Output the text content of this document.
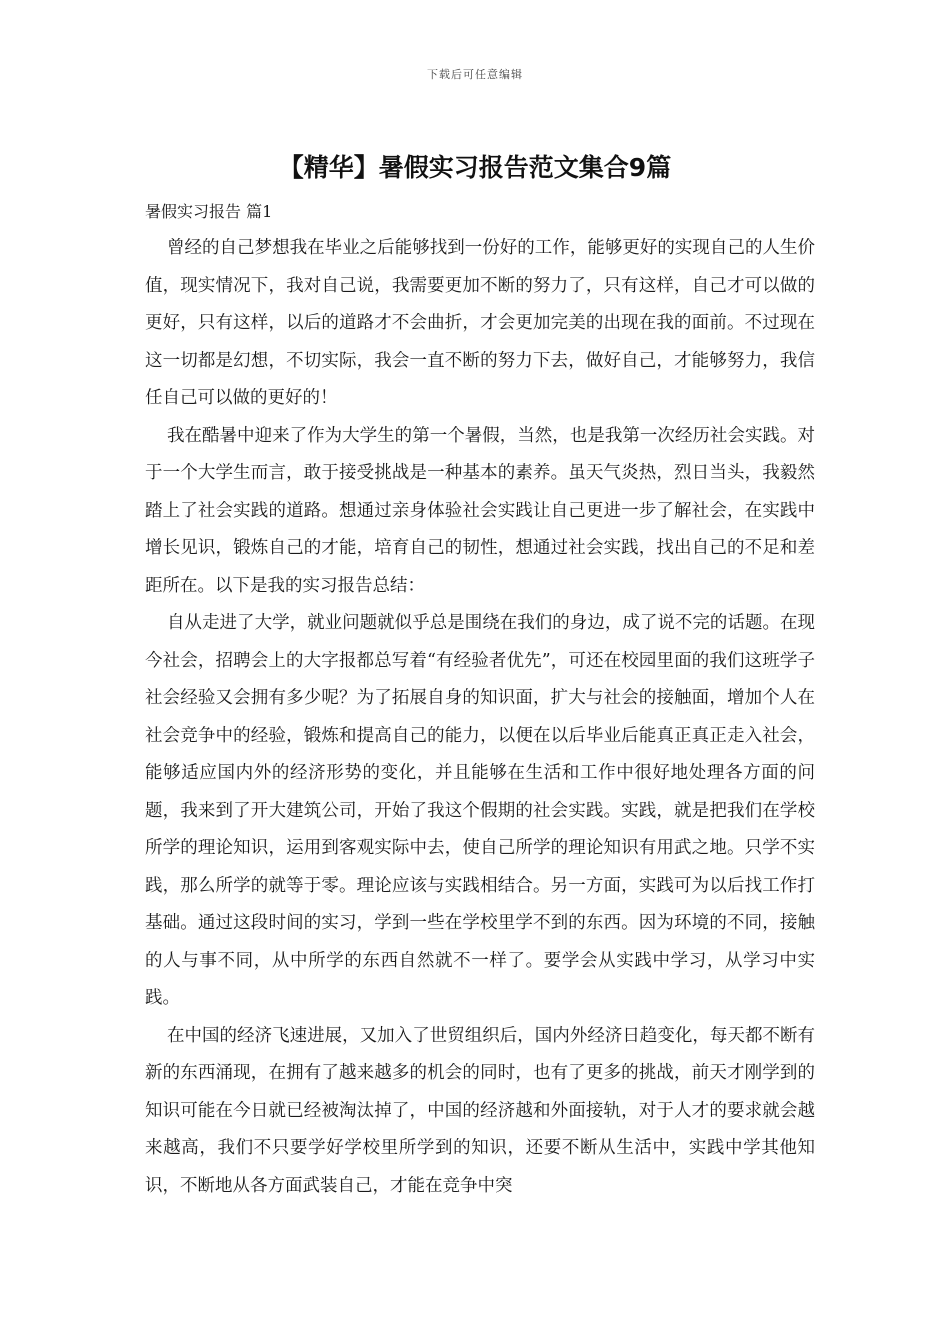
下载后可任意编辑
【精华】暑假实习报告范文集合9篇
暑假实习报告 篇1

曾经的自己梦想我在毕业之后能够找到一份好的工作，能够更好的实现自己的人生价值，现实情况下，我对自己说，我需要更加不断的努力了，只有这样，自己才可以做的更好，只有这样，以后的道路才不会曲折，才会更加完美的出现在我的面前。不过现在这一切都是幻想，不切实际，我会一直不断的努力下去，做好自己，才能够努力，我信任自己可以做的更好的！

我在酷暑中迎来了作为大学生的第一个暑假，当然，也是我第一次经历社会实践。对于一个大学生而言，敢于接受挑战是一种基本的素养。虽天气炎热，烈日当头，我毅然踏上了社会实践的道路。想通过亲身体验社会实践让自己更进一步了解社会，在实践中增长见识，锻炼自己的才能，培育自己的韧性，想通过社会实践，找出自己的不足和差距所在。以下是我的实习报告总结：

自从走进了大学，就业问题就似乎总是围绕在我们的身边，成了说不完的话题。在现今社会，招聘会上的大字报都总写着“有经验者优先”，可还在校园里面的我们这班学子社会经验又会拥有多少呢？为了拓展自身的知识面，扩大与社会的接触面，增加个人在社会竞争中的经验，锻炼和提高自己的能力，以便在以后毕业后能真正真正走入社会，能够适应国内外的经济形势的变化，并且能够在生活和工作中很好地处理各方面的问题，我来到了开大建筑公司，开始了我这个假期的社会实践。实践，就是把我们在学校所学的理论知识，运用到客观实际中去，使自己所学的理论知识有用武之地。只学不实践，那么所学的就等于零。理论应该与实践相结合。另一方面，实践可为以后找工作打基础。通过这段时间的实习，学到一些在学校里学不到的东西。因为环境的不同，接触的人与事不同，从中所学的东西自然就不一样了。要学会从实践中学习，从学习中实践。

在中国的经济飞速进展，又加入了世贸组织后，国内外经济日趋变化，每天都不断有新的东西涌现，在拥有了越来越多的机会的同时，也有了更多的挑战，前天才刚学到的知识可能在今日就已经被淘汰掉了，中国的经济越和外面接轨，对于人才的要求就会越来越高，我们不只要学好学校里所学到的知识，还要不断从生活中，实践中学其他知识，不断地从各方面武装自己，才能在竞争中突
